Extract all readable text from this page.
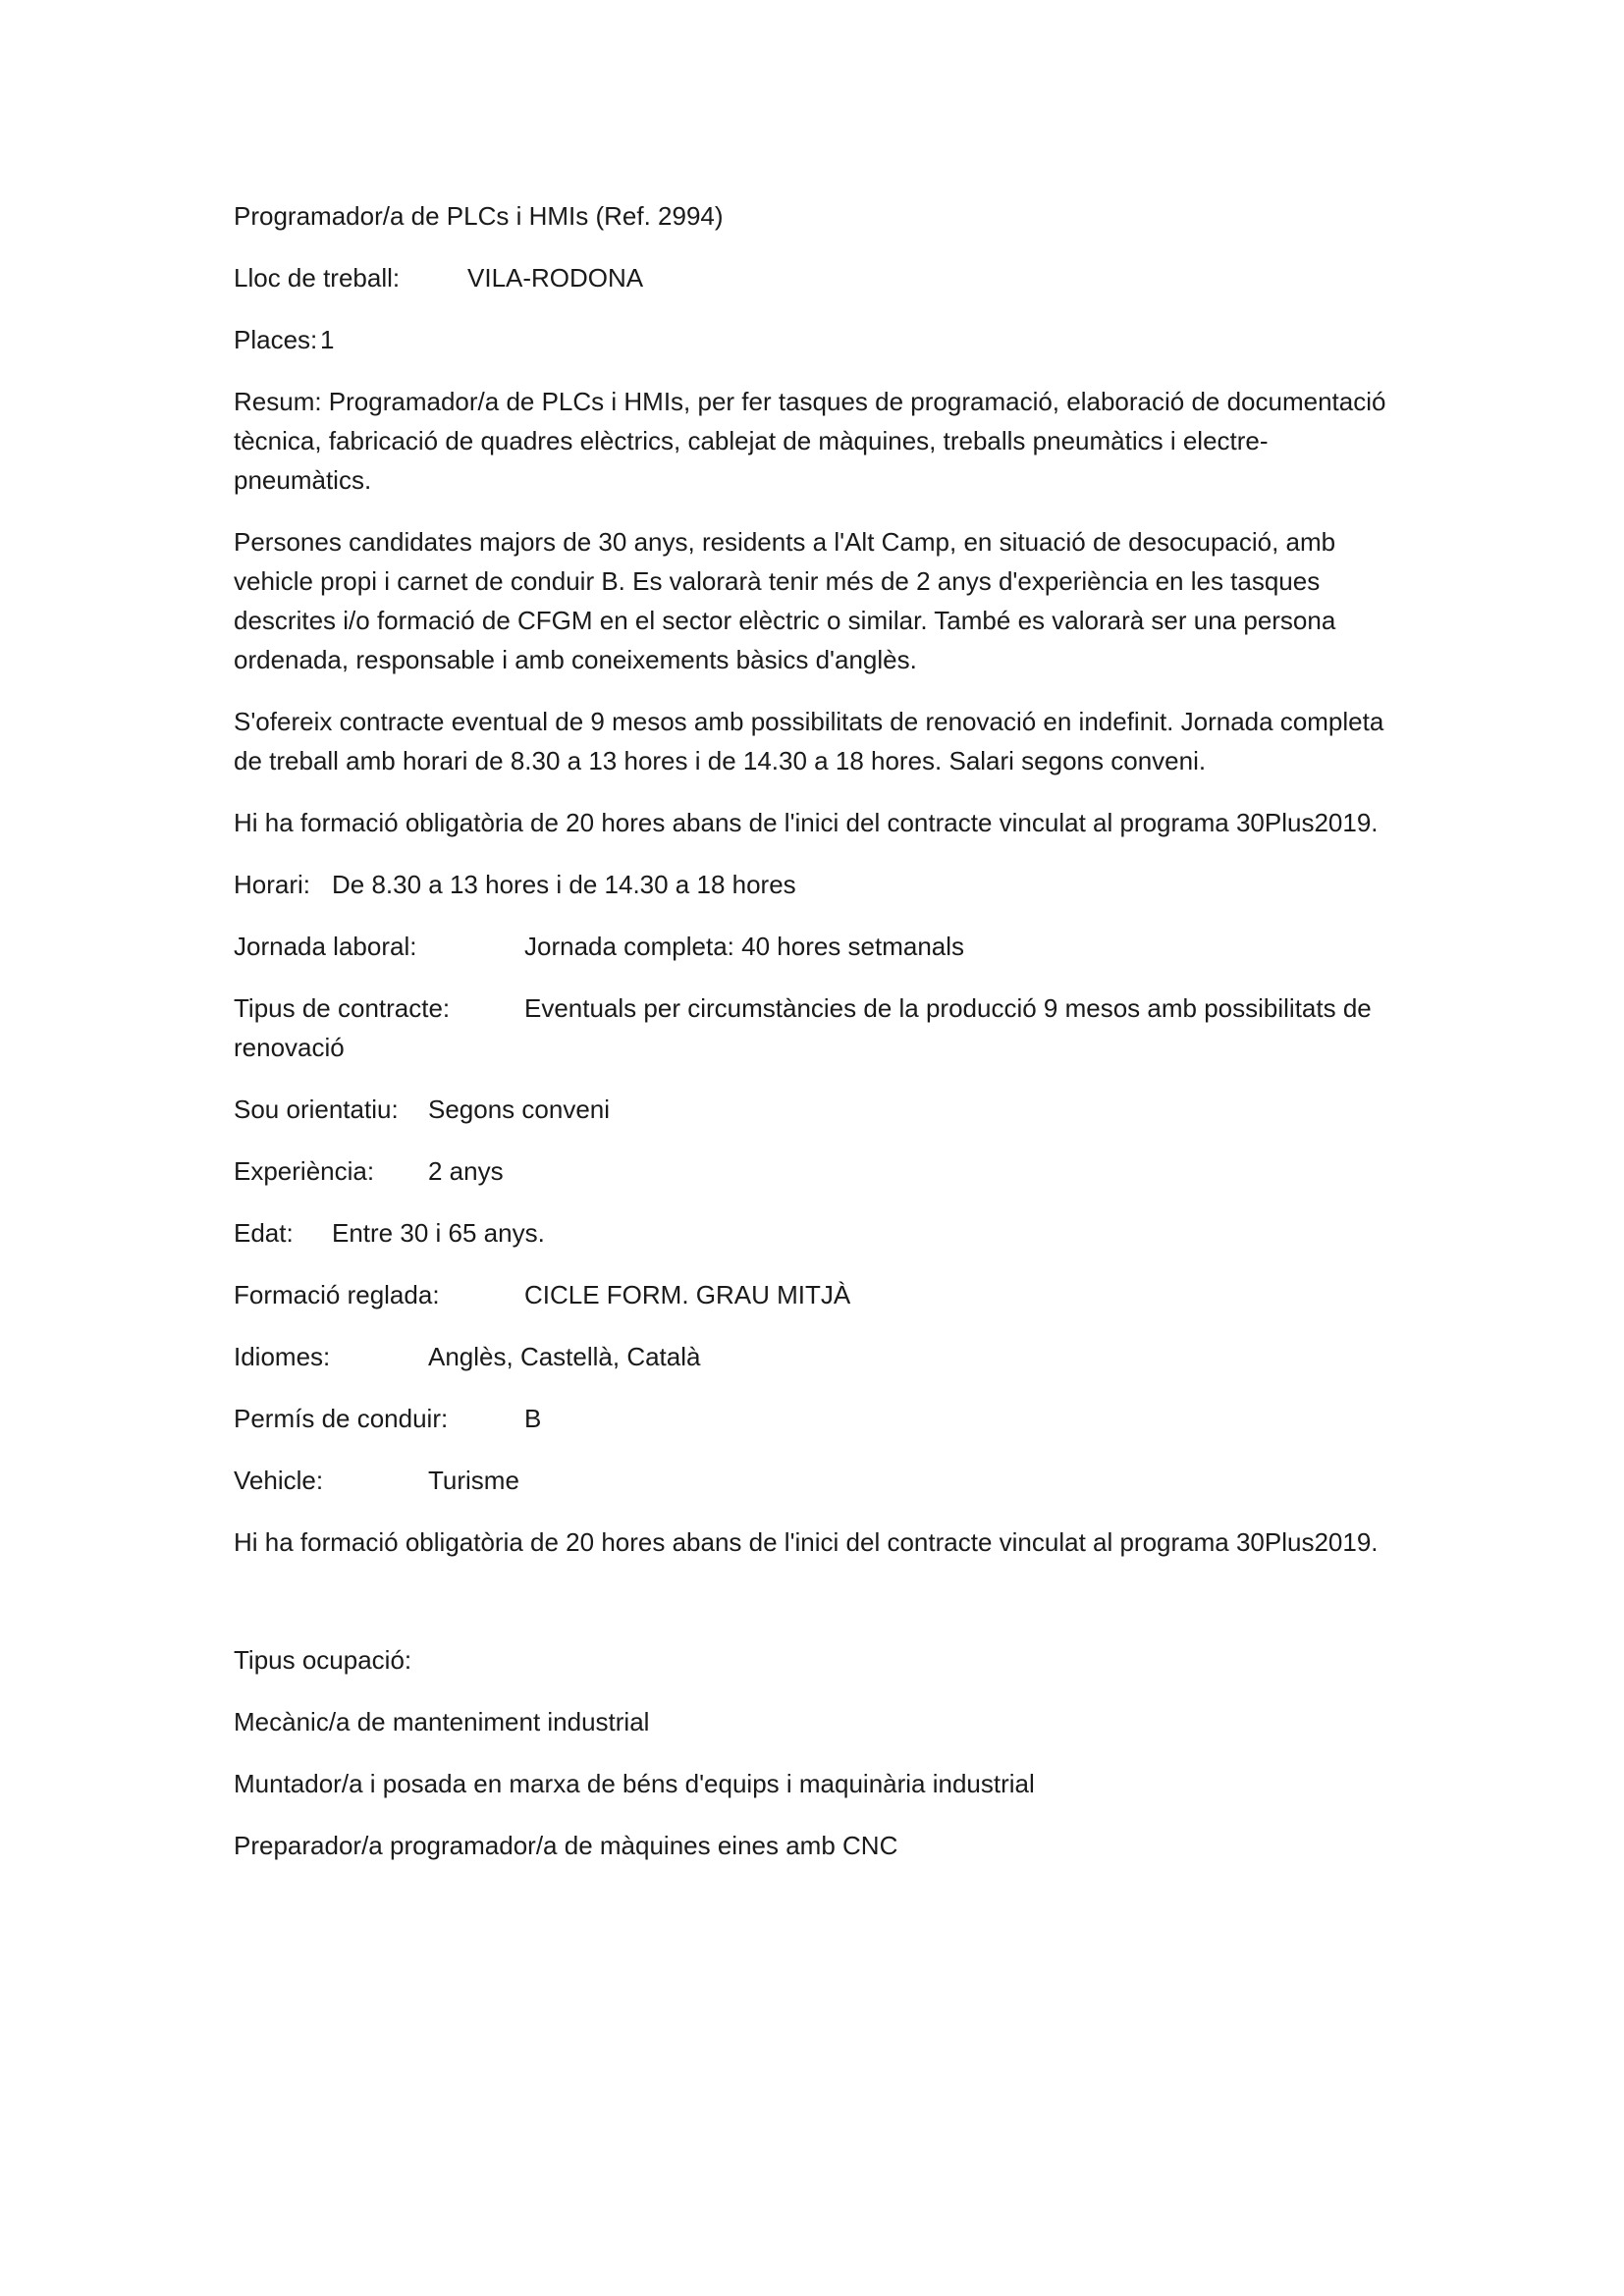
Programador/a de PLCs i HMIs (Ref. 2994)

Lloc de treball:	VILA-RODONA
Places: 1

Resum: Programador/a de PLCs i HMIs, per fer tasques de programació, elaboració de documentació tècnica, fabricació de quadres elèctrics, cablejat de màquines, treballs pneumàtics i electre-pneumàtics.

Persones candidates majors de 30 anys, residents a l'Alt Camp, en situació de desocupació, amb vehicle propi i carnet de conduir B. Es valorarà tenir més de 2 anys d'experiència en les tasques descrites i/o formació de CFGM en el sector elèctric o similar. També es valorarà ser una persona ordenada, responsable i amb coneixements bàsics d'anglès.

S'ofereix contracte eventual de 9 mesos amb possibilitats de renovació en indefinit. Jornada completa de treball amb horari de 8.30 a 13 hores i de 14.30 a 18 hores. Salari segons conveni.

Hi ha formació obligatòria de 20 hores abans de l'inici del contracte vinculat al programa 30Plus2019.

Horari: De 8.30 a 13 hores i de 14.30 a 18 hores
Jornada laboral:	Jornada completa: 40 hores setmanals
Tipus de contracte:	Eventuals per circumstàncies de la producció 9 mesos amb possibilitats de renovació
Sou orientatiu: Segons conveni
Experiència: 2 anys
Edat: Entre 30 i 65 anys.
Formació reglada:	CICLE FORM. GRAU MITJÀ
Idiomes:	Anglès, Castellà, Català
Permís de conduir:	B
Vehicle:	Turisme

Hi ha formació obligatòria de 20 hores abans de l'inici del contracte vinculat al programa 30Plus2019.

Tipus ocupació:

Mecànic/a de manteniment industrial

Muntador/a i posada en marxa de béns d'equips i maquinària industrial

Preparador/a programador/a de màquines eines amb CNC
